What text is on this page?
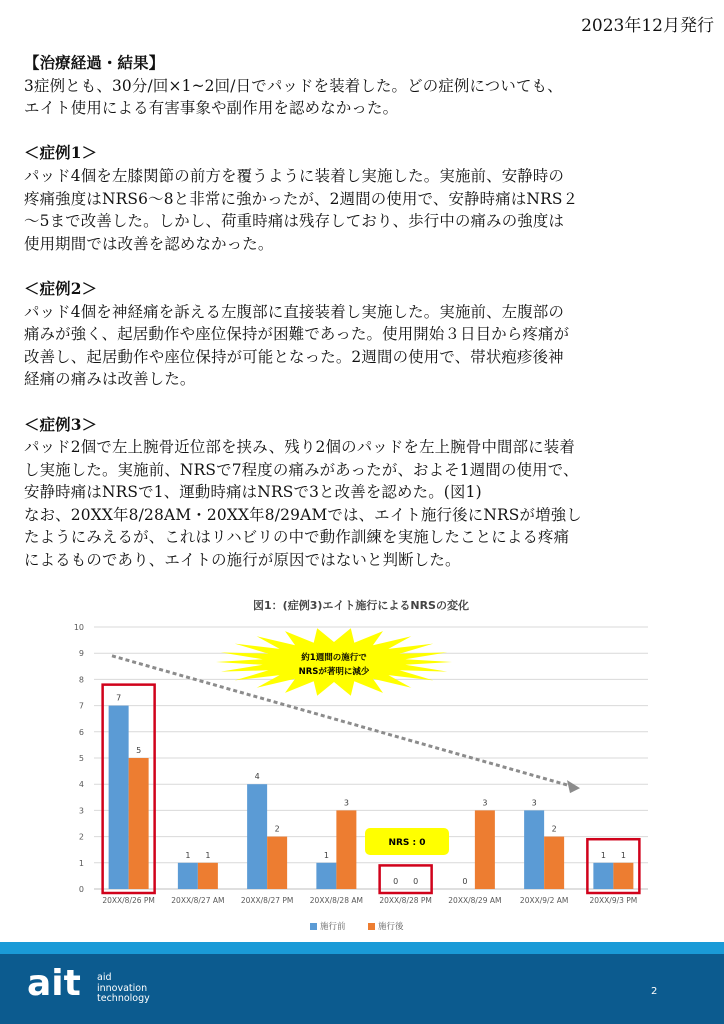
2023年12月発行

【治療経過・結果】

3症例とも、30分/回×1~2回/日でパッドを装着した。どの症例についても、

エイト使用による有害事象や副作用を認めなかった。

＜症例1＞

パッド4個を左膝関節の前方を覆うように装着し実施した。実施前、安静時の

疼痛強度はNRS6〜8と非常に強かったが、2週間の使用で、安静時痛はNRS２

〜5まで改善した。しかし、荷重時痛は残存しており、歩行中の痛みの強度は

使用期間では改善を認めなかった。

＜症例2＞

パッド4個を神経痛を訴える左腹部に直接装着し実施した。実施前、左腹部の

痛みが強く、起居動作や座位保持が困難であった。使用開始３日目から疼痛が

改善し、起居動作や座位保持が可能となった。2週間の使用で、帯状疱疹後神

経痛の痛みは改善した。

＜症例3＞

パッド2個で左上腕骨近位部を挟み、残り2個のパッドを左上腕骨中間部に装着

し実施した。実施前、NRSで7程度の痛みがあったが、およそ1週間の使用で、

安静時痛はNRSで1、運動時痛はNRSで3と改善を認めた。(図1)

なお、20XX年8/28AM・20XX年8/29AMでは、エイト施行後にNRSが増強し

たようにみえるが、これはリハビリの中で動作訓練を実施したことによる疼痛

によるものであり、エイトの施行が原因ではないと判断した。

図1：(症例3)エイト施行によるNRSの変化
0
1
2
3
4
5
6
7
8
9
10
7
5
1 1
4
2
1
3
0 0	0
3	3
2
1 1
約1週間の施行で
NRSが著明に減少
NRS : 0
20XX/8/26 PM 20XX/8/27 AM 20XX/8/27 PM 20XX/8/28 AM 20XX/8/28 PM 20XX/8/29 AM 20XX/9/2 AM	20XX/9/3 PM
施行前	施行後
ait aid
innovation
technology
2
